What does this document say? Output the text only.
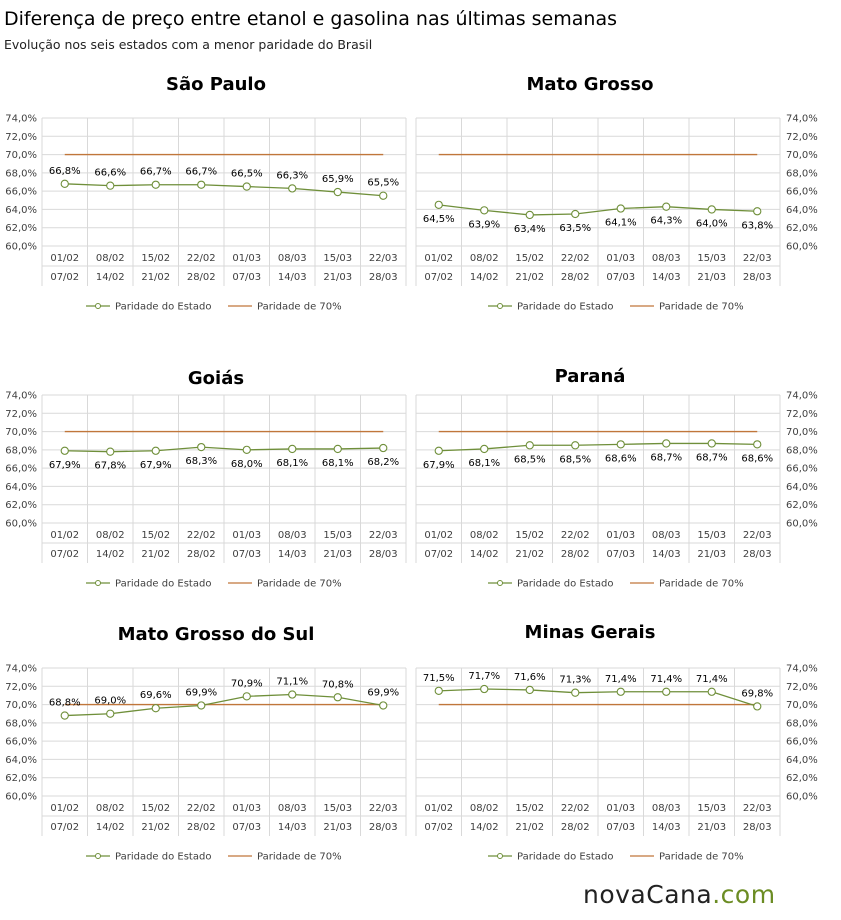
Diferença de preço entre etanol e gasolina nas últimas semanas

Evolução nos seis estados com a menor paridade do Brasil

São Paulo
74,0%
72,0%
70,0%
68,0%
66,0%
64,0%
62,0%
60,0%
01/02
07/02
08/02
14/02
15/02
21/02
22/02
28/02
01/03
07/03
08/03
14/03
15/03
21/03
22/03
28/03
66,8% 66,6% 66,7% 66,7% 66,5% 66,3% 65,9% 65,5%
Paridade do Estado	Paridade de 70%
Mato Grosso
74,0%
72,0%
70,0%
68,0%
66,0%
64,0%
62,0%
60,0%
01/02
07/02
08/02
14/02
15/02
21/02
22/02
28/02
01/03
07/03
08/03
14/03
15/03
21/03
22/03
28/03
64,5% 63,9% 63,4% 63,5% 64,1% 64,3% 64,0% 63,8%
Paridade do Estado	Paridade de 70%
Goiás
74,0%
72,0%
70,0%
68,0%
66,0%
64,0%
62,0%
60,0%
01/02
07/02
08/02
14/02
15/02
21/02
22/02
28/02
01/03
07/03
08/03
14/03
15/03
21/03
22/03
28/03
67,9% 67,8% 67,9% 68,3% 68,0% 68,1% 68,1% 68,2%
Paridade do Estado	Paridade de 70%
Paraná
74,0%
72,0%
70,0%
68,0%
66,0%
64,0%
62,0%
60,0%
01/02
07/02
08/02
14/02
15/02
21/02
22/02
28/02
01/03
07/03
08/03
14/03
15/03
21/03
22/03
28/03
67,9% 68,1% 68,5% 68,5% 68,6% 68,7% 68,7% 68,6%
Paridade do Estado	Paridade de 70%
Mato Grosso do Sul
74,0%
72,0%
70,0%
68,0%
66,0%
64,0%
62,0%
60,0%
01/02
07/02
08/02
14/02
15/02
21/02
22/02
28/02
01/03
07/03
08/03
14/03
15/03
21/03
22/03
28/03
68,8% 69,0% 69,6% 69,9%
70,9% 71,1% 70,8%
69,9%
Paridade do Estado	Paridade de 70%
Minas Gerais
74,0%
72,0%
70,0%
68,0%
66,0%
64,0%
62,0%
60,0%
01/02
07/02
08/02
14/02
15/02
21/02
22/02
28/02
01/03
07/03
08/03
14/03
15/03
21/03
22/03
28/03
71,5% 71,7% 71,6% 71,3% 71,4% 71,4% 71,4%
69,8%
Paridade do Estado	Paridade de 70%
novaCana.com
